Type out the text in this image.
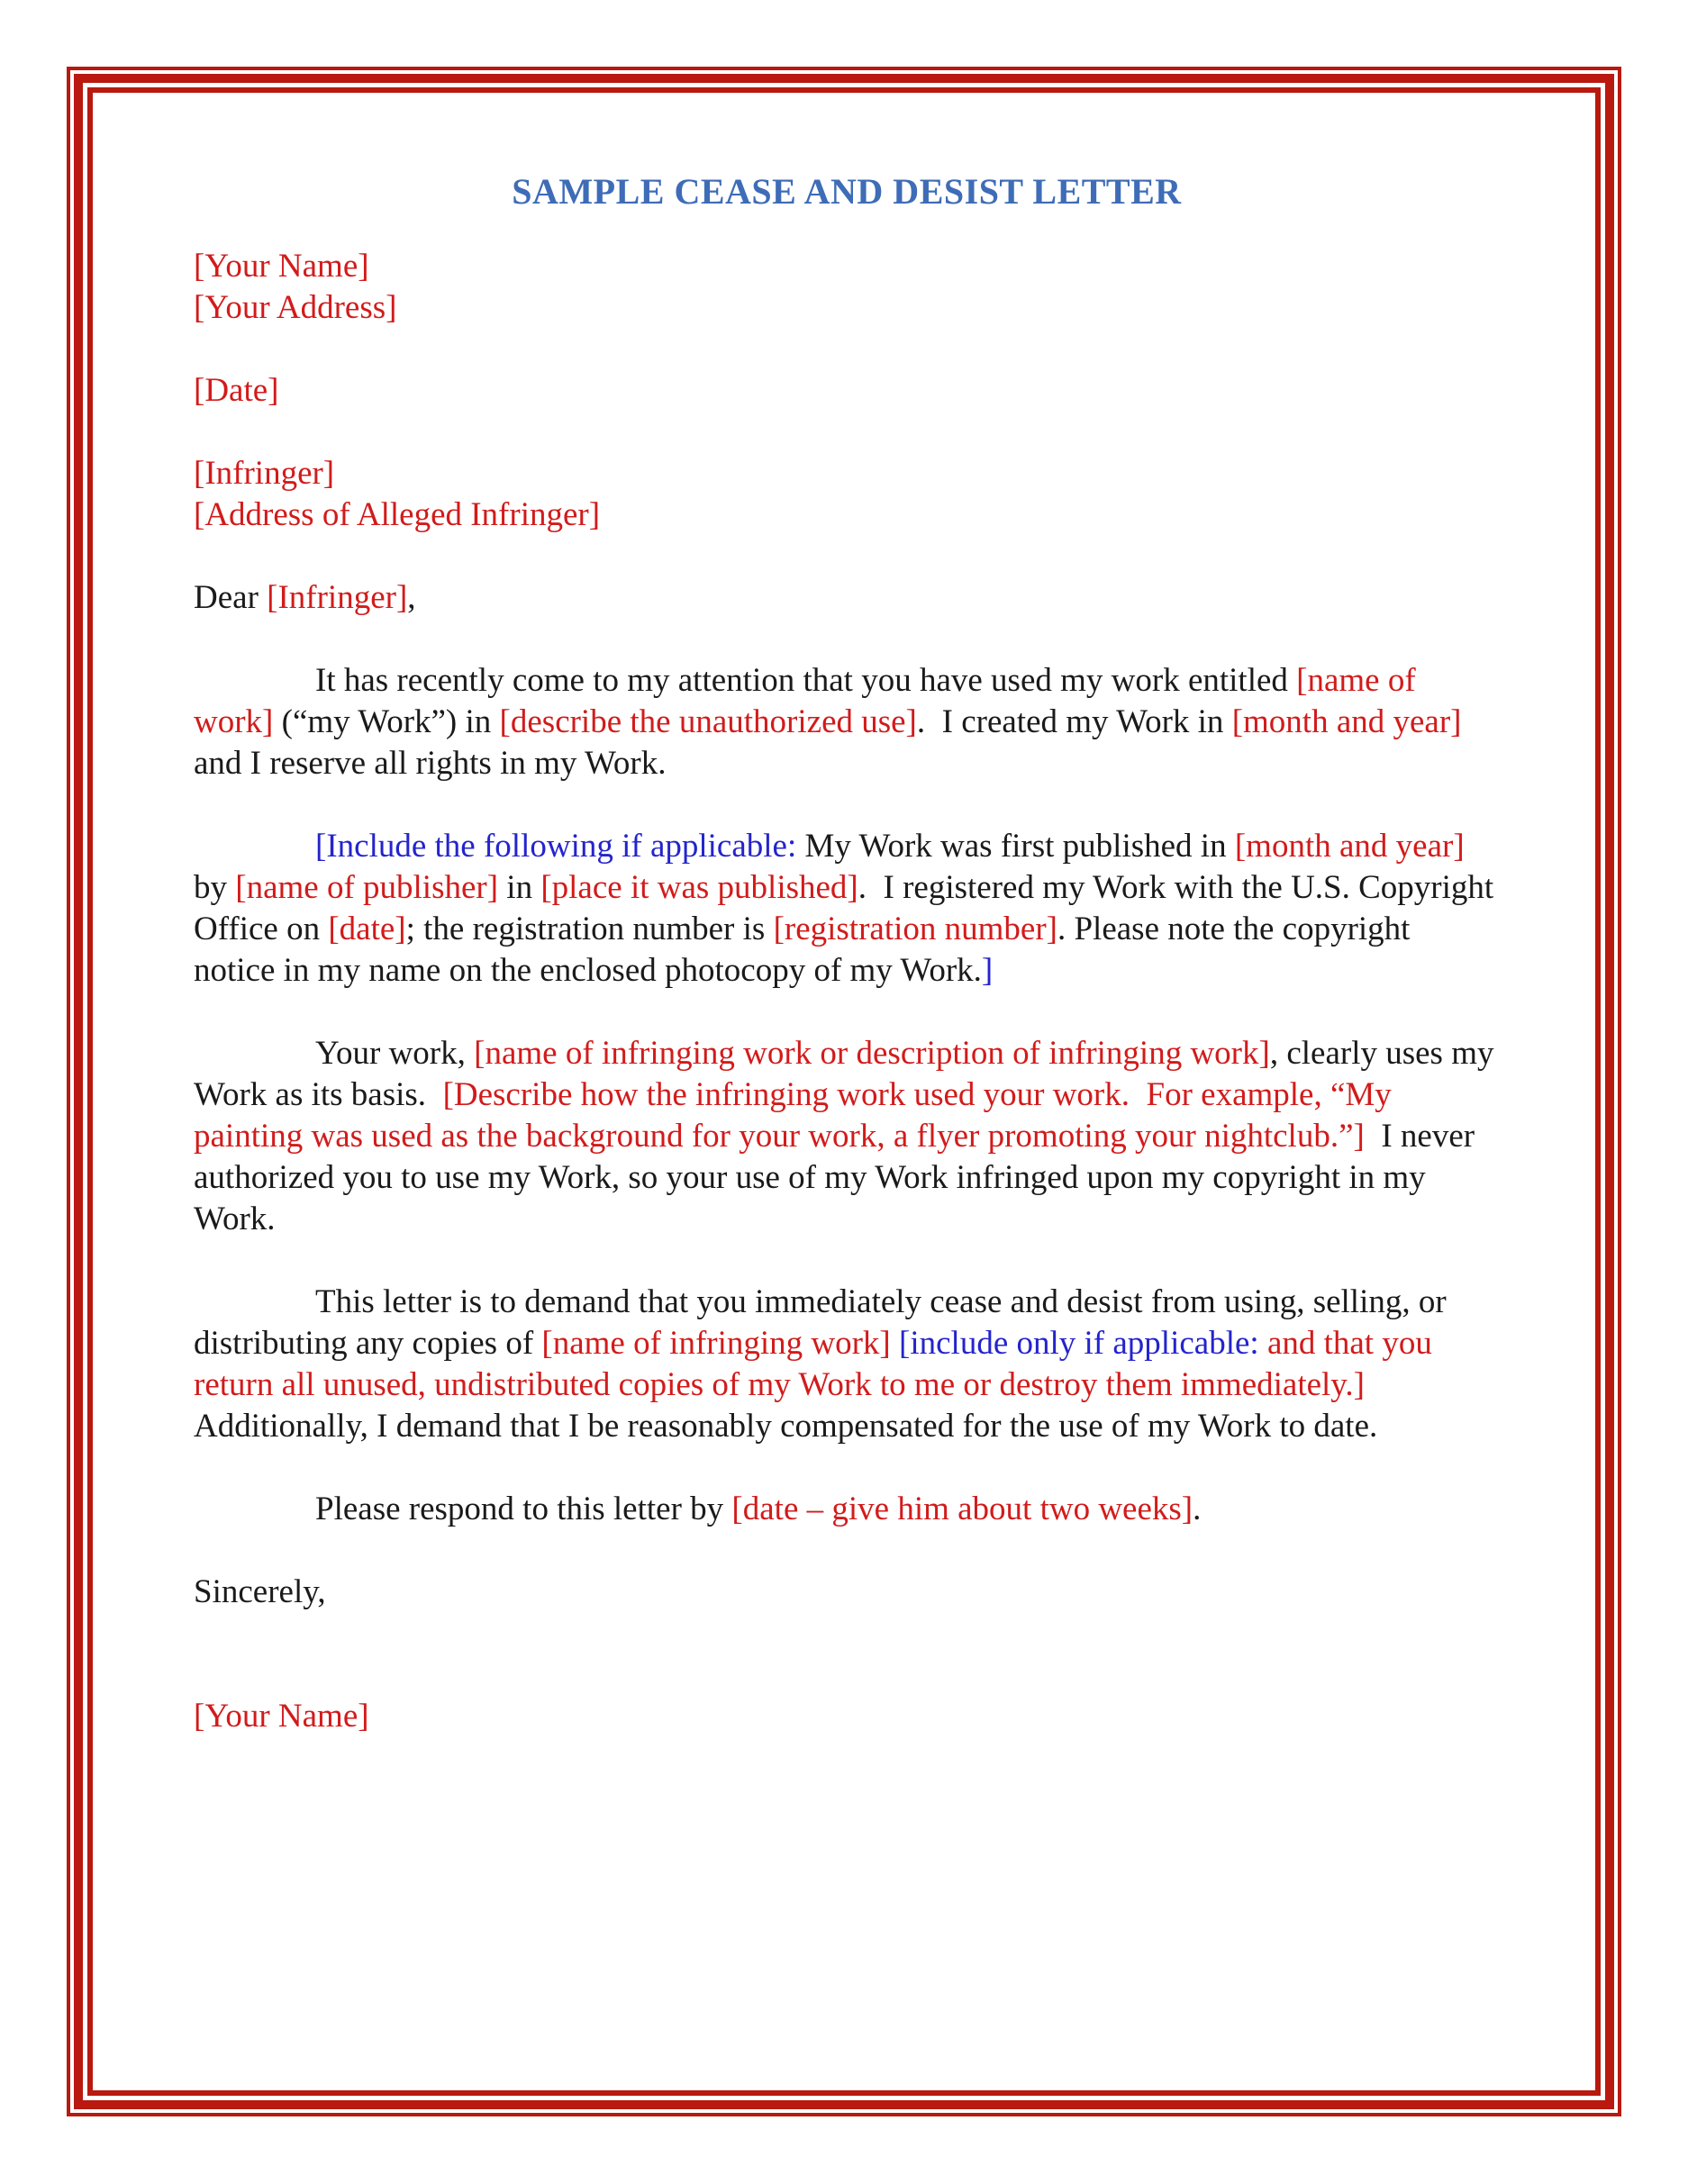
SAMPLE CEASE AND DESIST LETTER

[Your Name]
[Your Address]

[Date]

[Infringer]
[Address of Alleged Infringer]

Dear [Infringer],

It has recently come to my attention that you have used my work entitled [name of work] (“my Work”) in [describe the unauthorized use].  I created my Work in [month and year] and I reserve all rights in my Work.

[Include the following if applicable: My Work was first published in [month and year] by [name of publisher] in [place it was published].  I registered my Work with the U.S. Copyright Office on [date]; the registration number is [registration number]. Please note the copyright notice in my name on the enclosed photocopy of my Work.]

Your work, [name of infringing work or description of infringing work], clearly uses my Work as its basis.  [Describe how the infringing work used your work.  For example, “My painting was used as the background for your work, a flyer promoting your nightclub.”]  I never authorized you to use my Work, so your use of my Work infringed upon my copyright in my Work.

This letter is to demand that you immediately cease and desist from using, selling, or distributing any copies of [name of infringing work] [include only if applicable: and that you return all unused, undistributed copies of my Work to me or destroy them immediately.] Additionally, I demand that I be reasonably compensated for the use of my Work to date.

Please respond to this letter by [date – give him about two weeks].

Sincerely,

[Your Name]
